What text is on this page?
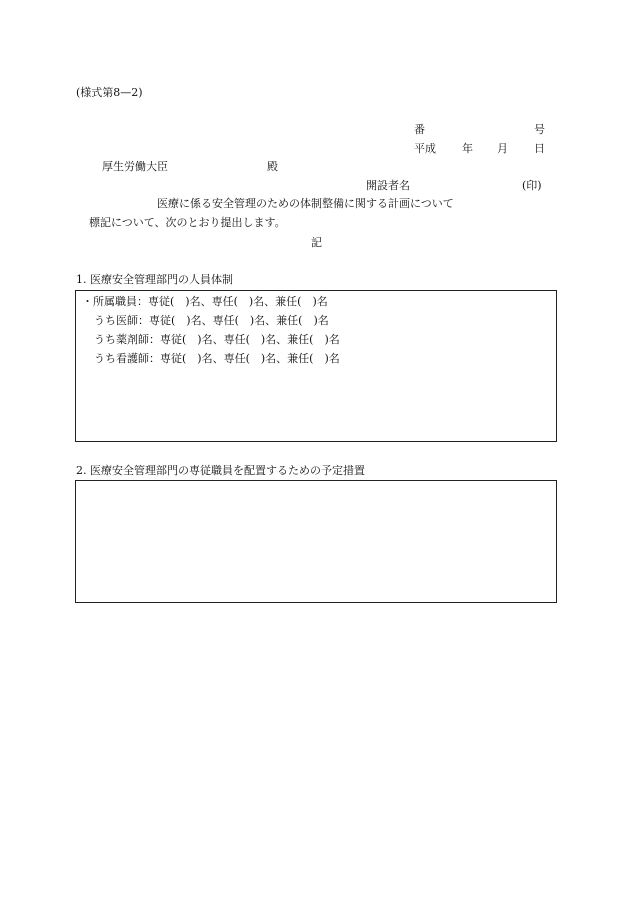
(様式第8—2)
番	号
平成 年 月 日
厚生労働大臣	殿
開設者名	(印)
医療に係る安全管理のための体制整備に関する計画について
標記について、次のとおり提出します。
記
1. 医療安全管理部門の人員体制
・所属職員：専従(　)名、専任(　)名、兼任(　)名
うち医師：専従(　)名、専任(　)名、兼任(　)名
うち薬剤師：専従(　)名、専任(　)名、兼任(　)名
うち看護師：専従(　)名、専任(　)名、兼任(　)名
2. 医療安全管理部門の専従職員を配置するための予定措置
